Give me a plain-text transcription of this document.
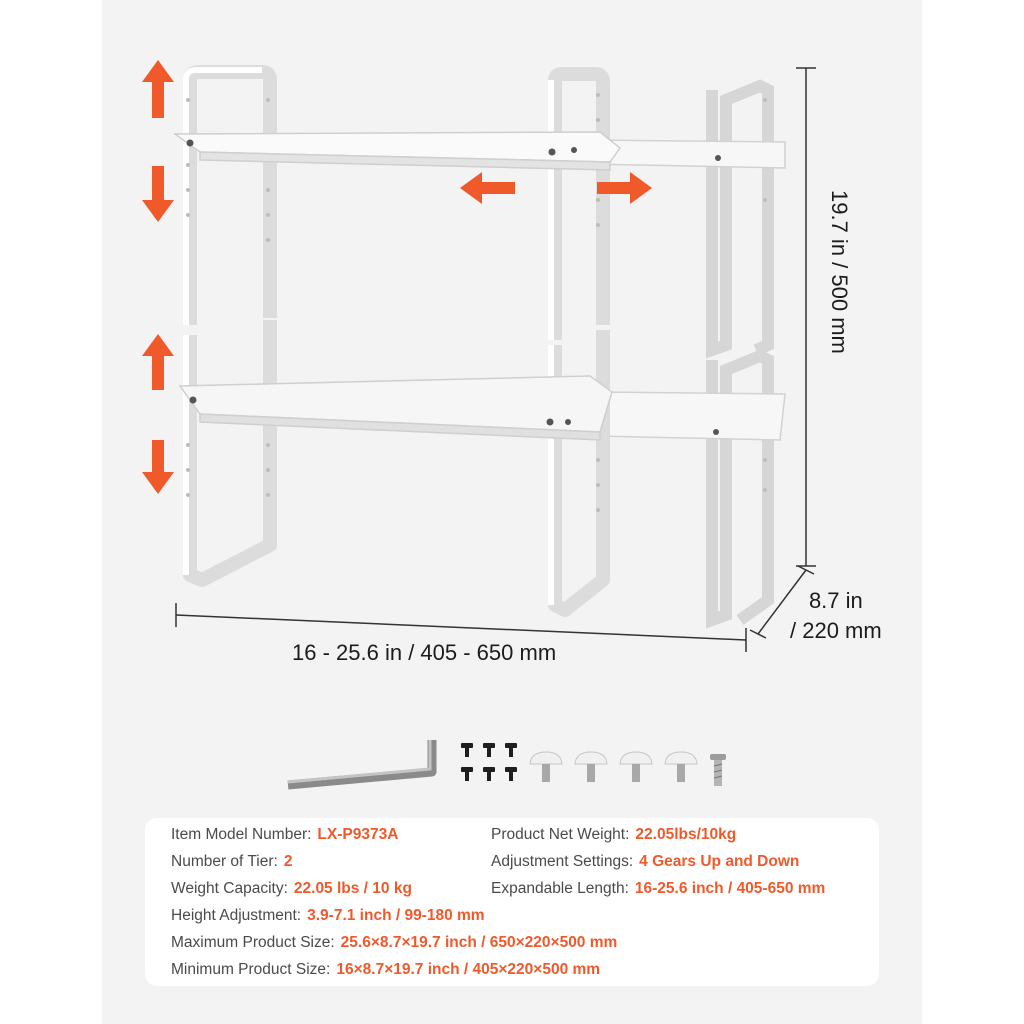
16 - 25.6 in / 405 - 650 mm
19.7 in / 500 mm
8.7 in
/ 220 mm
Item Model Number: LX-P9373A	Product Net Weight: 22.05lbs/10kg
Number of Tier: 2	Adjustment Settings: 4 Gears Up and Down
Weight Capacity: 22.05 lbs / 10 kg	Expandable Length: 16-25.6 inch / 405-650 mm
Height Adjustment: 3.9-7.1 inch / 99-180 mm
Maximum Product Size: 25.6×8.7×19.7 inch / 650×220×500 mm
Minimum Product Size: 16×8.7×19.7 inch / 405×220×500 mm
